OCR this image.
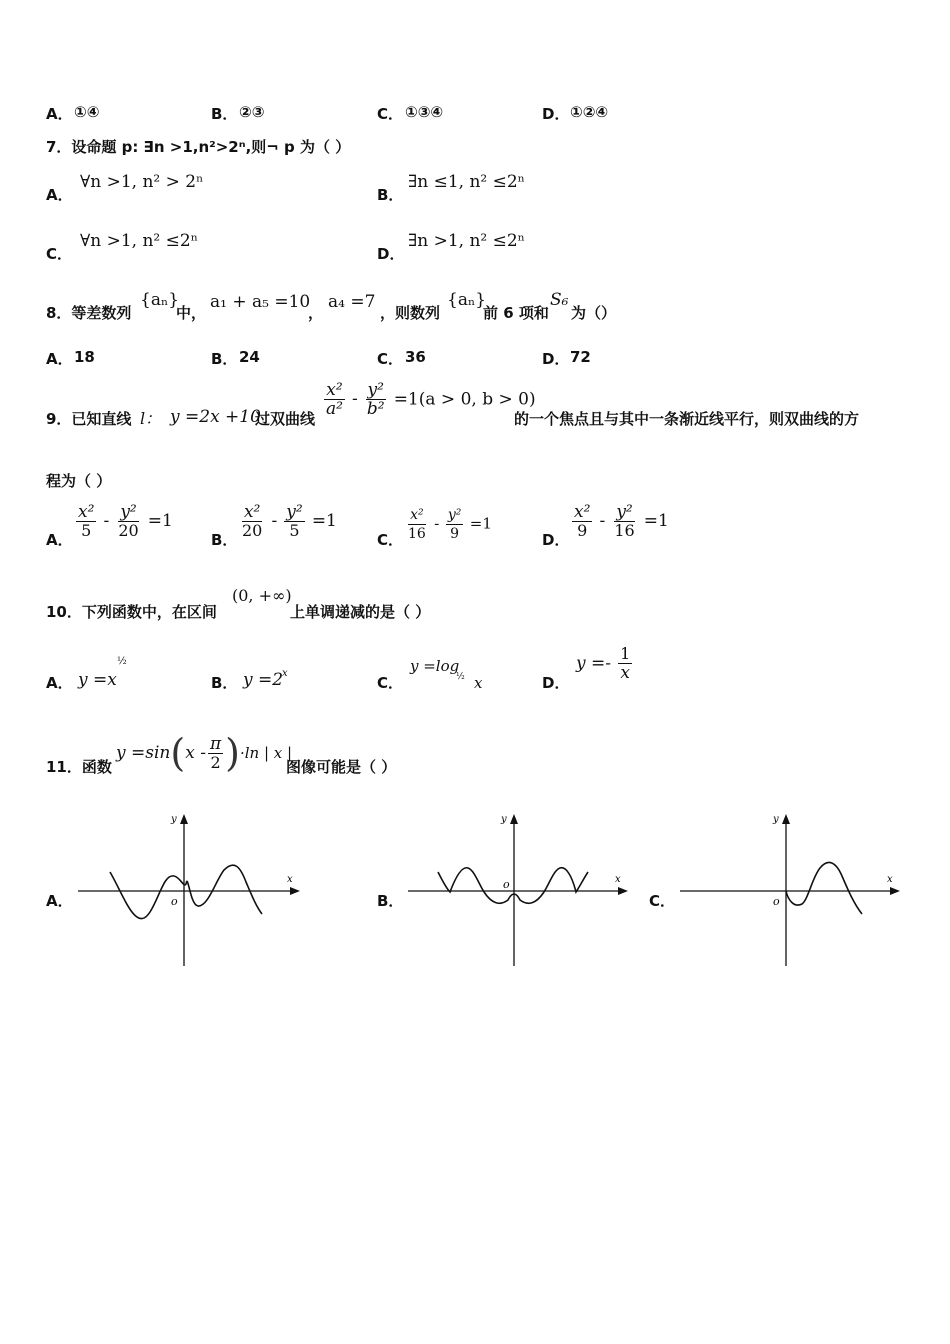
A． ①④	B． ②③	C． ①③④	D． ①②④
7．设命题 p: ∃n >1,n²>2ⁿ,则¬ p 为（ ）
A．
∀n >1, n² > 2ⁿ
B．
∃n ≤1, n² ≤2ⁿ
C．
∀n >1, n² ≤2ⁿ
D．
∃n >1, n² ≤2ⁿ
8．等差数列
{aₙ}
中，
a₁ + a₅ =10
，
a₄ =7
，则数列
{aₙ}
前 6 项和
S₆
为（）
A． 18	B． 24	C． 36	D． 72
9．已知直线 l： y =2x +10
过双曲线
$\frac{\text{x²}}{\text{a²}} - \frac{\text{y²}}{\text{b²}} =1(a > 0$, b > 0)
的一个焦点且与其中一条渐近线平行，则双曲线的方
程为（ ）
A． $\frac{\text{x²}}{5} - \frac{\text{y²}}{20} =1$
B． $\frac{\text{x²}}{20} - \frac{\text{y²}}{5} =1$
C． $\frac{\text{x²}}{16} - \frac{\text{y²}}{9} =1$
D． $\frac{\text{x²}}{9} - \frac{\text{y²}}{16} =1$
10．下列函数中，在区间
(0, +∞)
上单调递减的是（ ）
A． y =x
½
B． y =2
x
C．
y =log
½ x	D．
$y =- \frac{1}{x}$
11．函数
$y =\sin(x - \frac{\pi}{2} )\cdot\ln$ | x |
图像可能是（ ）
A．	B．	C．
x
y
o
x
y
o	x
y
o
